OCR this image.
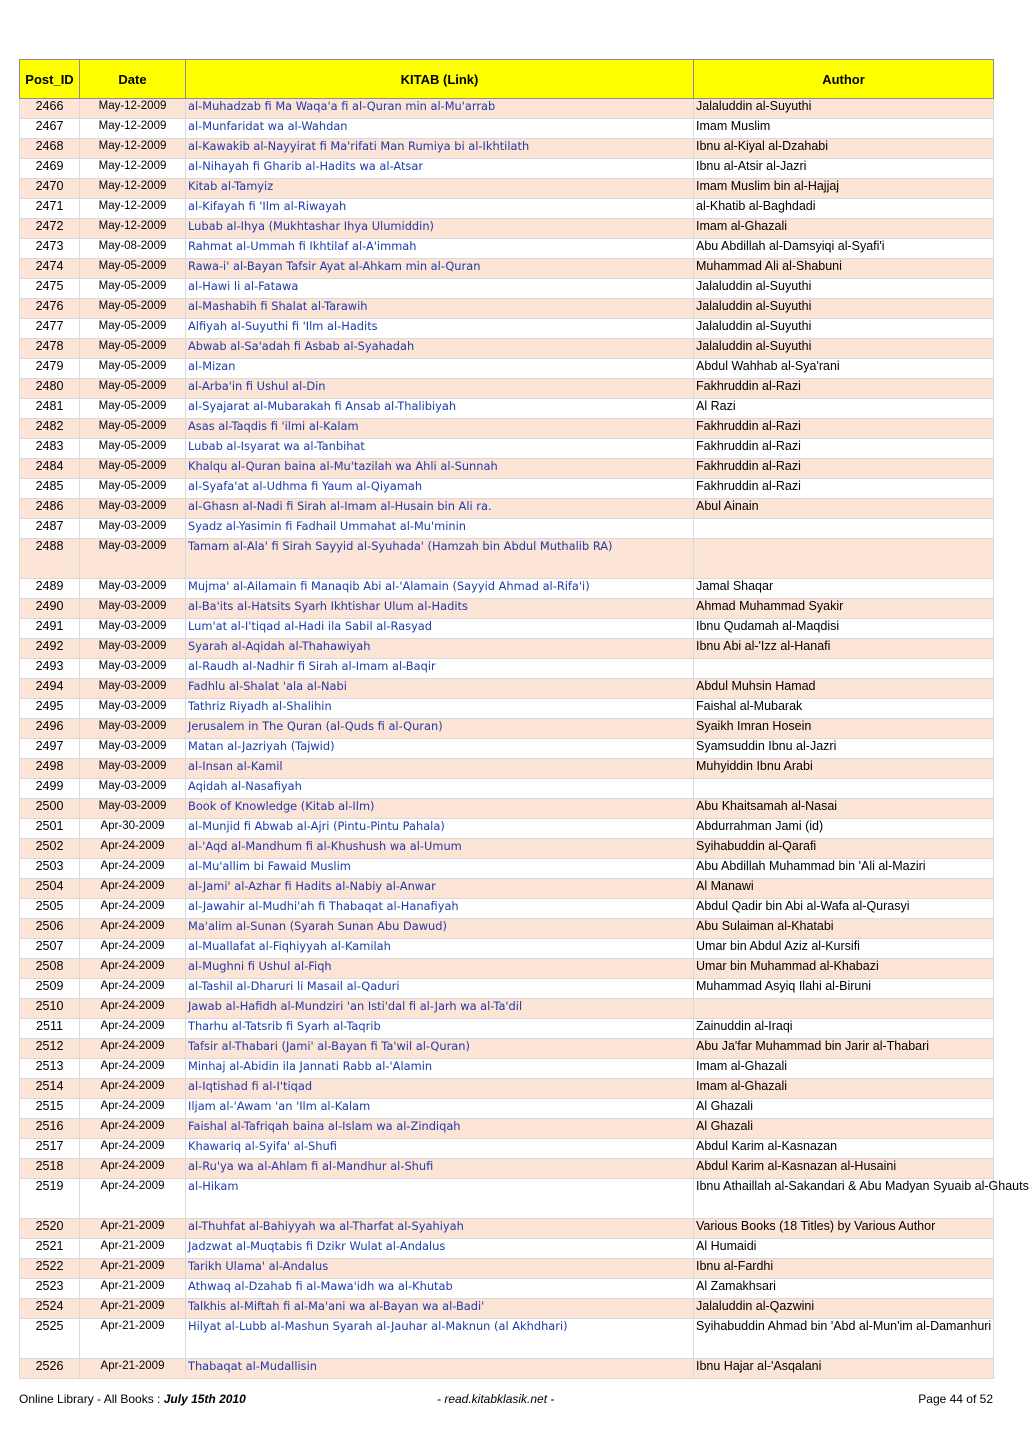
Post_ID	Date	KITAB (Link)	Author
2466	May-12-2009	al-Muhadzab fi Ma Waqa'a fi al-Quran min al-Mu'arrab	Jalaluddin al-Suyuthi
2467	May-12-2009	al-Munfaridat wa al-Wahdan	Imam Muslim
2468	May-12-2009	al-Kawakib al-Nayyirat fi Ma'rifati Man Rumiya bi al-Ikhtilath	Ibnu al-Kiyal al-Dzahabi
2469	May-12-2009	al-Nihayah fi Gharib al-Hadits wa al-Atsar	Ibnu al-Atsir al-Jazri
2470	May-12-2009	Kitab al-Tamyiz	Imam Muslim bin al-Hajjaj
2471	May-12-2009	al-Kifayah fi 'Ilm al-Riwayah	al-Khatib al-Baghdadi
2472	May-12-2009	Lubab al-Ihya (Mukhtashar Ihya Ulumiddin)	Imam al-Ghazali
2473	May-08-2009	Rahmat al-Ummah fi Ikhtilaf al-A'immah	Abu Abdillah al-Damsyiqi al-Syafi'i
2474	May-05-2009	Rawa-i' al-Bayan Tafsir Ayat al-Ahkam min al-Quran	Muhammad Ali al-Shabuni
2475	May-05-2009	al-Hawi li al-Fatawa	Jalaluddin al-Suyuthi
2476	May-05-2009	al-Mashabih fi Shalat al-Tarawih	Jalaluddin al-Suyuthi
2477	May-05-2009	Alfiyah al-Suyuthi fi 'Ilm al-Hadits	Jalaluddin al-Suyuthi
2478	May-05-2009	Abwab al-Sa'adah fi Asbab al-Syahadah	Jalaluddin al-Suyuthi
2479	May-05-2009	al-Mizan	Abdul Wahhab al-Sya'rani
2480	May-05-2009	al-Arba'in fi Ushul al-Din	Fakhruddin al-Razi
2481	May-05-2009	al-Syajarat al-Mubarakah fi Ansab al-Thalibiyah	Al Razi
2482	May-05-2009	Asas al-Taqdis fi 'ilmi al-Kalam	Fakhruddin al-Razi
2483	May-05-2009	Lubab al-Isyarat wa al-Tanbihat	Fakhruddin al-Razi
2484	May-05-2009	Khalqu al-Quran baina al-Mu'tazilah wa Ahli al-Sunnah	Fakhruddin al-Razi
2485	May-05-2009	al-Syafa'at al-Udhma fi Yaum al-Qiyamah	Fakhruddin al-Razi
2486	May-03-2009	al-Ghasn al-Nadi fi Sirah al-Imam al-Husain bin Ali ra.	Abul Ainain
2487	May-03-2009	Syadz al-Yasimin fi Fadhail Ummahat al-Mu'minin	
2488	May-03-2009	Tamam al-Ala' fi Sirah Sayyid al-Syuhada' (Hamzah bin Abdul Muthalib RA)	
2489	May-03-2009	Mujma' al-Ailamain fi Manaqib Abi al-'Alamain (Sayyid Ahmad al-Rifa'i)	Jamal Shaqar
2490	May-03-2009	al-Ba'its al-Hatsits Syarh Ikhtishar Ulum al-Hadits	Ahmad Muhammad Syakir
2491	May-03-2009	Lum'at al-I'tiqad al-Hadi ila Sabil al-Rasyad	Ibnu Qudamah al-Maqdisi
2492	May-03-2009	Syarah al-Aqidah al-Thahawiyah	Ibnu Abi al-'Izz al-Hanafi
2493	May-03-2009	al-Raudh al-Nadhir fi Sirah al-Imam al-Baqir	
2494	May-03-2009	Fadhlu al-Shalat 'ala al-Nabi	Abdul Muhsin Hamad
2495	May-03-2009	Tathriz Riyadh al-Shalihin	Faishal al-Mubarak
2496	May-03-2009	Jerusalem in The Quran (al-Quds fi al-Quran)	Syaikh Imran Hosein
2497	May-03-2009	Matan al-Jazriyah (Tajwid)	Syamsuddin Ibnu al-Jazri
2498	May-03-2009	al-Insan al-Kamil	Muhyiddin Ibnu Arabi
2499	May-03-2009	Aqidah al-Nasafiyah	
2500	May-03-2009	Book of Knowledge (Kitab al-Ilm)	Abu Khaitsamah al-Nasai
2501	Apr-30-2009	al-Munjid fi Abwab al-Ajri (Pintu-Pintu Pahala)	Abdurrahman Jami (id)
2502	Apr-24-2009	al-'Aqd al-Mandhum fi al-Khushush wa al-Umum	Syihabuddin al-Qarafi
2503	Apr-24-2009	al-Mu'allim bi Fawaid Muslim	Abu Abdillah Muhammad bin 'Ali al-Maziri
2504	Apr-24-2009	al-Jami' al-Azhar fi Hadits al-Nabiy al-Anwar	Al Manawi
2505	Apr-24-2009	al-Jawahir al-Mudhi'ah fi Thabaqat al-Hanafiyah	Abdul Qadir bin Abi al-Wafa al-Qurasyi
2506	Apr-24-2009	Ma'alim al-Sunan (Syarah Sunan Abu Dawud)	Abu Sulaiman al-Khatabi
2507	Apr-24-2009	al-Muallafat al-Fiqhiyyah al-Kamilah	Umar bin Abdul Aziz al-Kursifi
2508	Apr-24-2009	al-Mughni fi Ushul al-Fiqh	Umar bin Muhammad al-Khabazi
2509	Apr-24-2009	al-Tashil al-Dharuri li Masail al-Qaduri	Muhammad Asyiq Ilahi al-Biruni
2510	Apr-24-2009	Jawab al-Hafidh al-Mundziri 'an Isti'dal fi al-Jarh wa al-Ta'dil	
2511	Apr-24-2009	Tharhu al-Tatsrib fi Syarh al-Taqrib	Zainuddin al-Iraqi
2512	Apr-24-2009	Tafsir al-Thabari (Jami' al-Bayan fi Ta'wil al-Quran)	Abu Ja'far Muhammad bin Jarir al-Thabari
2513	Apr-24-2009	Minhaj al-Abidin ila Jannati Rabb al-'Alamin	Imam al-Ghazali
2514	Apr-24-2009	al-Iqtishad fi al-I'tiqad	Imam al-Ghazali
2515	Apr-24-2009	Iljam al-'Awam 'an 'Ilm al-Kalam	Al Ghazali
2516	Apr-24-2009	Faishal al-Tafriqah baina al-Islam wa al-Zindiqah	Al Ghazali
2517	Apr-24-2009	Khawariq al-Syifa' al-Shufi	Abdul Karim al-Kasnazan
2518	Apr-24-2009	al-Ru'ya wa al-Ahlam fi al-Mandhur al-Shufi	Abdul Karim al-Kasnazan al-Husaini
2519	Apr-24-2009	al-Hikam	Ibnu Athaillah al-Sakandari & Abu Madyan Syuaib al-Ghauts
2520	Apr-21-2009	al-Thuhfat al-Bahiyyah wa al-Tharfat al-Syahiyah	Various Books (18 Titles) by Various Author
2521	Apr-21-2009	Jadzwat al-Muqtabis fi Dzikr Wulat al-Andalus	Al Humaidi
2522	Apr-21-2009	Tarikh Ulama' al-Andalus	Ibnu al-Fardhi
2523	Apr-21-2009	Athwaq al-Dzahab fi al-Mawa'idh wa al-Khutab	Al Zamakhsari
2524	Apr-21-2009	Talkhis al-Miftah fi al-Ma'ani wa al-Bayan wa al-Badi'	Jalaluddin al-Qazwini
2525	Apr-21-2009	Hilyat al-Lubb al-Mashun Syarah al-Jauhar al-Maknun (al Akhdhari)	Syihabuddin Ahmad bin 'Abd al-Mun'im al-Damanhuri
2526	Apr-21-2009	Thabaqat al-Mudallisin	Ibnu Hajar al-'Asqalani
Online Library - All Books : July 15th 2010	- read.kitabklasik.net -	Page 44 of 52
